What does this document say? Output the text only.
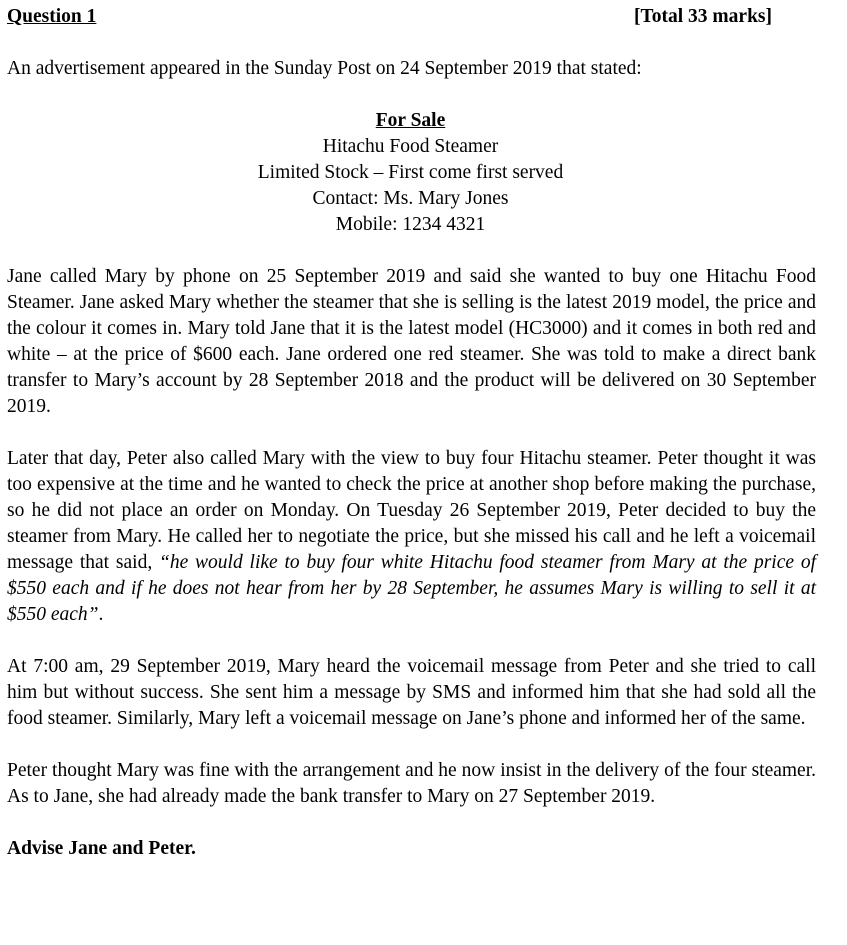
Question 1	[Total 33 marks]

An advertisement appeared in the Sunday Post on 24 September 2019 that stated:

For Sale
Hitachu Food Steamer
Limited Stock – First come first served
Contact: Ms. Mary Jones
Mobile: 1234 4321

Jane called Mary by phone on 25 September 2019 and said she wanted to buy one Hitachu Food Steamer. Jane asked Mary whether the steamer that she is selling is the latest 2019 model, the price and the colour it comes in. Mary told Jane that it is the latest model (HC3000) and it comes in both red and white – at the price of $600 each. Jane ordered one red steamer. She was told to make a direct bank transfer to Mary’s account by 28 September 2018 and the product will be delivered on 30 September 2019.

Later that day, Peter also called Mary with the view to buy four Hitachu steamer. Peter thought it was too expensive at the time and he wanted to check the price at another shop before making the purchase, so he did not place an order on Monday. On Tuesday 26 September 2019, Peter decided to buy the steamer from Mary. He called her to negotiate the price, but she missed his call and he left a voicemail message that said, “he would like to buy four white Hitachu food steamer from Mary at the price of $550 each and if he does not hear from her by 28 September, he assumes Mary is willing to sell it at $550 each”.

At 7:00 am, 29 September 2019, Mary heard the voicemail message from Peter and she tried to call him but without success. She sent him a message by SMS and informed him that she had sold all the food steamer. Similarly, Mary left a voicemail message on Jane’s phone and informed her of the same.

Peter thought Mary was fine with the arrangement and he now insist in the delivery of the four steamer. As to Jane, she had already made the bank transfer to Mary on 27 September 2019.

Advise Jane and Peter.
